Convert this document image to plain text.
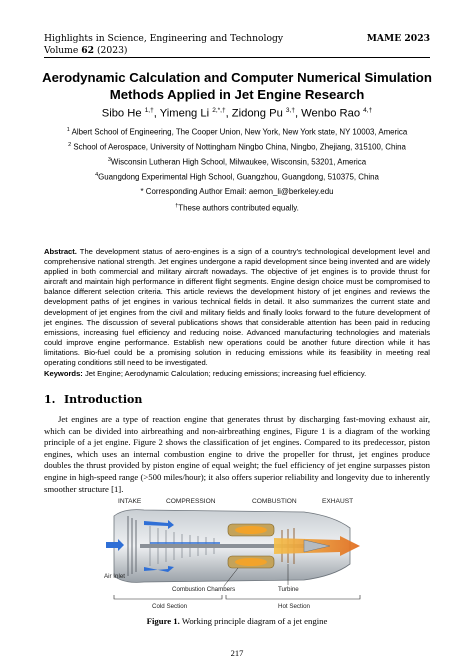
Highlights in Science, Engineering and Technology
Volume 62 (2023)
MAME 2023
Aerodynamic Calculation and Computer Numerical Simulation
Methods Applied in Jet Engine Research
Sibo He $^{1,\dagger}$, Yimeng Li $^{2,*,\dagger}$, Zidong Pu $^{3,\dagger}$, Wenbo Rao $^{4,\dagger}$
$^1$ Albert School of Engineering, The Cooper Union, New York, New York state, NY 10003, America
$^2$ School of Aerospace, University of Nottingham Ningbo China, Ningbo, Zhejiang, 315100, China
$^3$Wisconsin Lutheran High School, Milwaukee, Wisconsin, 53201, America
$^4$Guangdong Experimental High School, Guangzhou, Guangdong, 510375, China
* Corresponding Author Email: aemon_li@berkeley.edu
†These authors contributed equally.
Abstract. The development status of aero-engines is a sign of a country's technological development level and comprehensive national strength. Jet engines undergone a rapid development since being invented and are widely applied in both commercial and military aircraft nowadays. The objective of jet engines is to provide thrust for aircraft and maintain high performance in different flight segments. Engine design choice must be compromised to balance different selection criteria. This article reviews the development history of jet engines and reviews the development paths of jet engines in various technical fields in detail. It also summarizes the current state and development of jet engines from the civil and military fields and finally looks forward to the future development of jet engines. The discussion of several publications shows that considerable attention has been paid in reducing emissions, increasing fuel efficiency and reducing noise. Advanced manufacturing technologies and materials could improve engine performance. Establish new operations could be another future direction while it has limitations. Bio-fuel could be a promising solution in reducing emissions while its feasibility in meeting real operating conditions still need to be investigated.
Keywords: Jet Engine; Aerodynamic Calculation; reducing emissions; increasing fuel efficiency.
1. Introduction
Jet engines are a type of reaction engine that generates thrust by discharging fast-moving exhaust air, which can be divided into airbreathing and non-airbreathing engines, Figure 1 is a diagram of the working principle of a jet engine. Figure 2 shows the classification of jet engines. Compared to its predecessor, piston engines, which uses an internal combustion engine to drive the propeller for thrust, jet engines produce doubles the thrust provided by piston engine of equal weight; the fuel efficiency of jet engine surpasses piston engine in high-speed range (>500 miles/hour); it also offers superior reliability and longevity due to inherently smoother structure [1].
INTAKE	COMPRESSION	COMBUSTION	EXHAUST
Air Inlet
Combustion Chambers	Turbine
Cold Section	Hot Section
Figure 1. Working principle diagram of a jet engine
217
